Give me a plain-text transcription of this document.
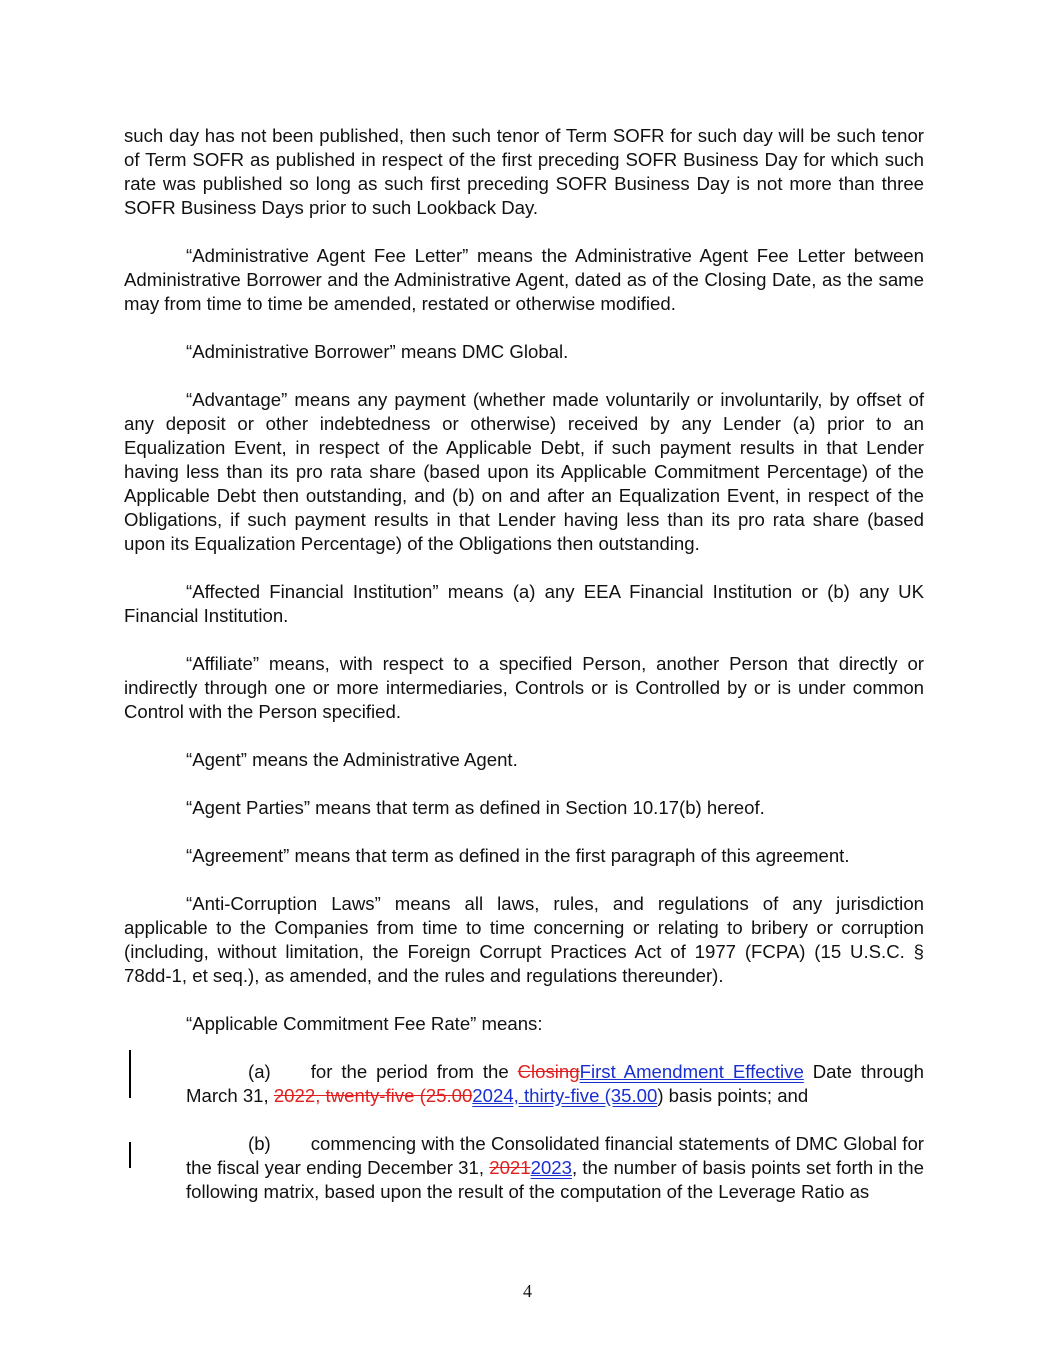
such day has not been published, then such tenor of Term SOFR for such day will be such tenor of Term SOFR as published in respect of the first preceding SOFR Business Day for which such rate was published so long as such first preceding SOFR Business Day is not more than three SOFR Business Days prior to such Lookback Day.

“Administrative Agent Fee Letter” means the Administrative Agent Fee Letter between Administrative Borrower and the Administrative Agent, dated as of the Closing Date, as the same may from time to time be amended, restated or otherwise modified.

“Administrative Borrower” means DMC Global.

“Advantage” means any payment (whether made voluntarily or involuntarily, by offset of any deposit or other indebtedness or otherwise) received by any Lender (a) prior to an Equalization Event, in respect of the Applicable Debt, if such payment results in that Lender having less than its pro rata share (based upon its Applicable Commitment Percentage) of the Applicable Debt then outstanding, and (b) on and after an Equalization Event, in respect of the Obligations, if such payment results in that Lender having less than its pro rata share (based upon its Equalization Percentage) of the Obligations then outstanding.

“Affected Financial Institution” means (a) any EEA Financial Institution or (b) any UK Financial Institution.

“Affiliate” means, with respect to a specified Person, another Person that directly or indirectly through one or more intermediaries, Controls or is Controlled by or is under common Control with the Person specified.

“Agent” means the Administrative Agent.

“Agent Parties” means that term as defined in Section 10.17(b) hereof.

“Agreement” means that term as defined in the first paragraph of this agreement.

“Anti-Corruption Laws” means all laws, rules, and regulations of any jurisdiction applicable to the Companies from time to time concerning or relating to bribery or corruption (including, without limitation, the Foreign Corrupt Practices Act of 1977 (FCPA) (15 U.S.C. § 78dd-1, et seq.), as amended, and the rules and regulations thereunder).

“Applicable Commitment Fee Rate” means:

(a) for the period from the ClosingFirst Amendment Effective Date through March 31, 2022, twenty-five (25.002024, thirty-five (35.00) basis points; and

(b) commencing with the Consolidated financial statements of DMC Global for the fiscal year ending December 31, 20212023, the number of basis points set forth in the following matrix, based upon the result of the computation of the Leverage Ratio as

4
